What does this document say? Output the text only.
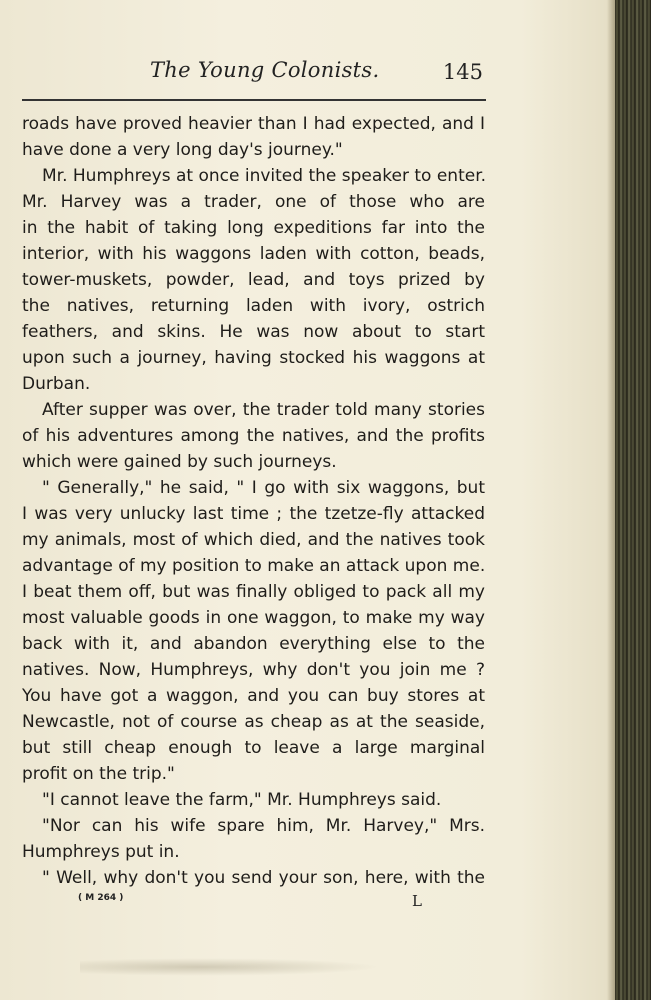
The Young Colonists.	145
roads have proved heavier than I had expected, and I
have done a very long day's journey."
Mr. Humphreys at once invited the speaker to enter.
Mr. Harvey was a trader, one of those who are
in the habit of taking long expeditions far into the
interior, with his waggons laden with cotton, beads,
tower-muskets, powder, lead, and toys prized by
the natives, returning laden with ivory, ostrich
feathers, and skins. He was now about to start
upon such a journey, having stocked his waggons at
Durban.
After supper was over, the trader told many stories
of his adventures among the natives, and the profits
which were gained by such journeys.
" Generally," he said, " I go with six waggons, but
I was very unlucky last time ; the tzetze-fly attacked
my animals, most of which died, and the natives took
advantage of my position to make an attack upon me.
I beat them off, but was finally obliged to pack all my
most valuable goods in one waggon, to make my way
back with it, and abandon everything else to the
natives. Now, Humphreys, why don't you join me ?
You have got a waggon, and you can buy stores at
Newcastle, not of course as cheap as at the seaside,
but still cheap enough to leave a large marginal
profit on the trip."
"I cannot leave the farm," Mr. Humphreys said.
"Nor can his wife spare him, Mr. Harvey," Mrs.
Humphreys put in.
" Well, why don't you send your son, here, with the
( M 264 )	L
